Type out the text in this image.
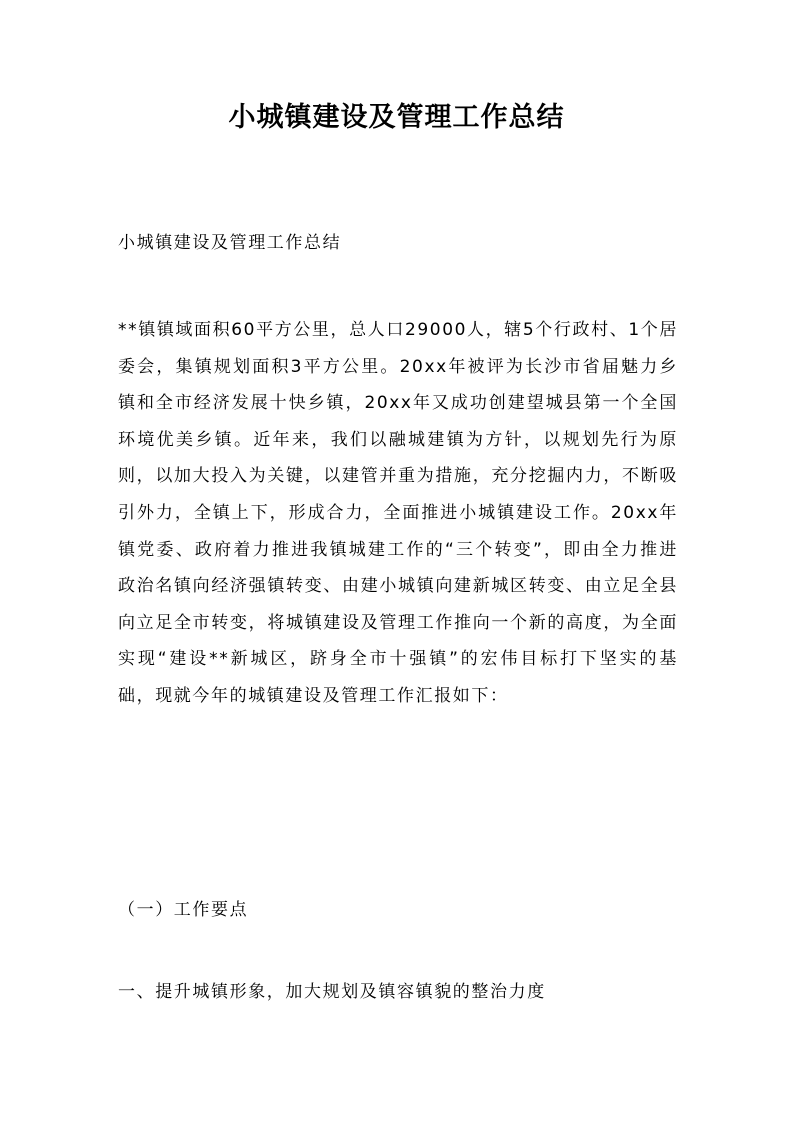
小城镇建设及管理工作总结

小城镇建设及管理工作总结

**镇镇域面积60平方公里，总人口29000人，辖5个行政村、1个居委会，集镇规划面积3平方公里。20xx年被评为长沙市省届魅力乡镇和全市经济发展十快乡镇，20xx年又成功创建望城县第一个全国环境优美乡镇。近年来，我们以融城建镇为方针，以规划先行为原则，以加大投入为关键，以建管并重为措施，充分挖掘内力，不断吸引外力，全镇上下，形成合力，全面推进小城镇建设工作。20xx年镇党委、政府着力推进我镇城建工作的“三个转变”，即由全力推进政治名镇向经济强镇转变、由建小城镇向建新城区转变、由立足全县向立足全市转变，将城镇建设及管理工作推向一个新的高度，为全面实现“建设**新城区，跻身全市十强镇”的宏伟目标打下坚实的基础，现就今年的城镇建设及管理工作汇报如下：

（一）工作要点

一、提升城镇形象，加大规划及镇容镇貌的整治力度
